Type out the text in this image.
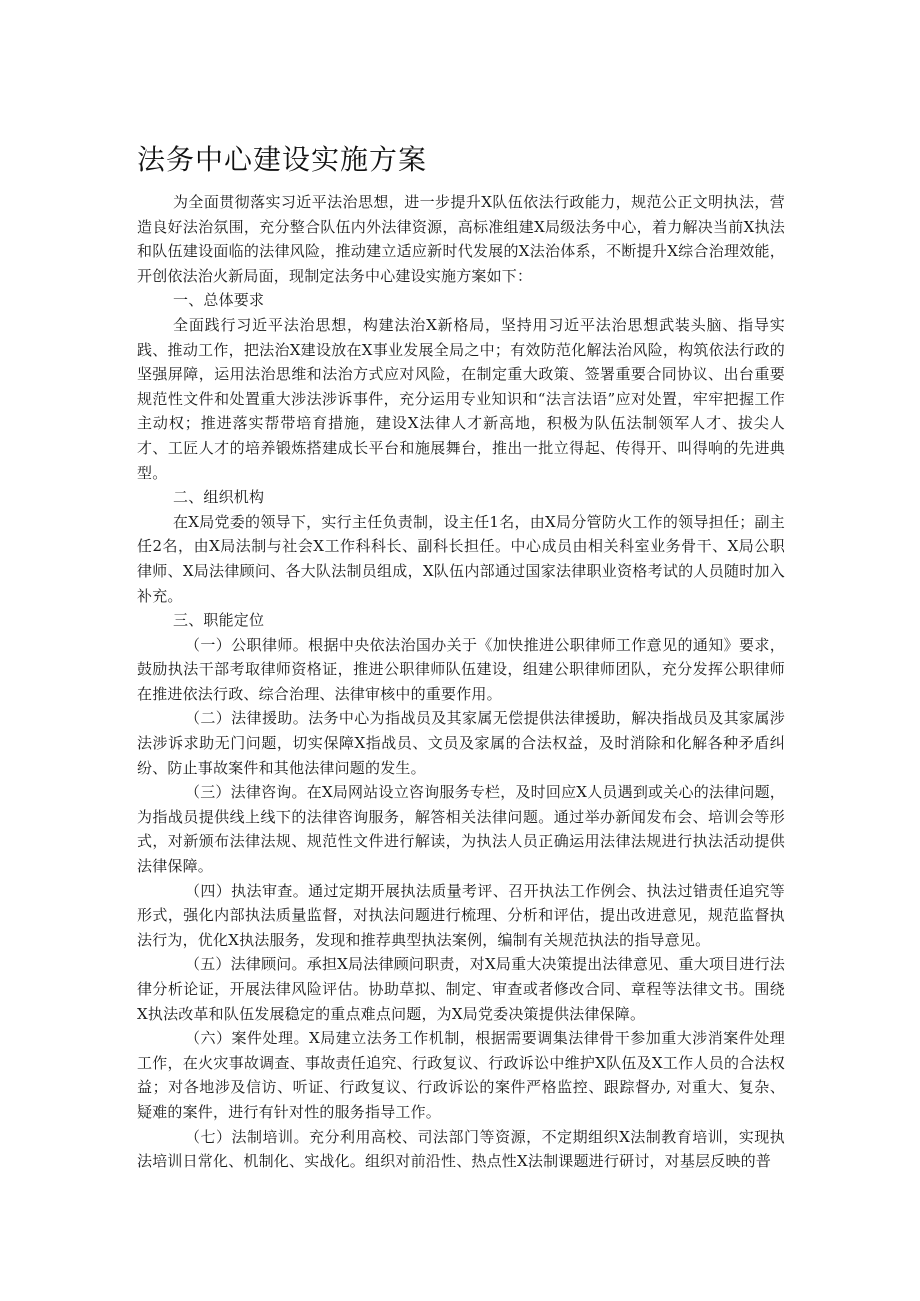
法务中心建设实施方案

为全面贯彻落实习近平法治思想，进一步提升X队伍依法行政能力，规范公正文明执法，营造良好法治氛围，充分整合队伍内外法律资源，高标准组建X局级法务中心，着力解决当前X执法和队伍建设面临的法律风险，推动建立适应新时代发展的X法治体系，不断提升X综合治理效能，开创依法治火新局面，现制定法务中心建设实施方案如下：

一、总体要求

全面践行习近平法治思想，构建法治X新格局，坚持用习近平法治思想武装头脑、指导实践、推动工作，把法治X建设放在X事业发展全局之中；有效防范化解法治风险，构筑依法行政的坚强屏障，运用法治思维和法治方式应对风险，在制定重大政策、签署重要合同协议、出台重要规范性文件和处置重大涉法涉诉事件，充分运用专业知识和“法言法语”应对处置，牢牢把握工作主动权；推进落实帮带培育措施，建设X法律人才新高地，积极为队伍法制领军人才、拔尖人才、工匠人才的培养锻炼搭建成长平台和施展舞台，推出一批立得起、传得开、叫得响的先进典型。

二、组织机构

在X局党委的领导下，实行主任负责制，设主任1名，由X局分管防火工作的领导担任；副主任2名，由X局法制与社会X工作科科长、副科长担任。中心成员由相关科室业务骨干、X局公职律师、X局法律顾问、各大队法制员组成，X队伍内部通过国家法律职业资格考试的人员随时加入补充。

三、职能定位

（一）公职律师。根据中央依法治国办关于《加快推进公职律师工作意见的通知》要求，鼓励执法干部考取律师资格证，推进公职律师队伍建设，组建公职律师团队，充分发挥公职律师在推进依法行政、综合治理、法律审核中的重要作用。

（二）法律援助。法务中心为指战员及其家属无偿提供法律援助，解决指战员及其家属涉法涉诉求助无门问题，切实保障X指战员、文员及家属的合法权益，及时消除和化解各种矛盾纠纷、防止事故案件和其他法律问题的发生。

（三）法律咨询。在X局网站设立咨询服务专栏，及时回应X人员遇到或关心的法律问题，为指战员提供线上线下的法律咨询服务，解答相关法律问题。通过举办新闻发布会、培训会等形式，对新颁布法律法规、规范性文件进行解读，为执法人员正确运用法律法规进行执法活动提供法律保障。

（四）执法审查。通过定期开展执法质量考评、召开执法工作例会、执法过错责任追究等形式，强化内部执法质量监督，对执法问题进行梳理、分析和评估，提出改进意见，规范监督执法行为，优化X执法服务，发现和推荐典型执法案例，编制有关规范执法的指导意见。

（五）法律顾问。承担X局法律顾问职责，对X局重大决策提出法律意见、重大项目进行法律分析论证，开展法律风险评估。协助草拟、制定、审查或者修改合同、章程等法律文书。围绕X执法改革和队伍发展稳定的重点难点问题，为X局党委决策提供法律保障。

（六）案件处理。X局建立法务工作机制，根据需要调集法律骨干参加重大涉消案件处理工作，在火灾事故调查、事故责任追究、行政复议、行政诉讼中维护X队伍及X工作人员的合法权益；对各地涉及信访、听证、行政复议、行政诉讼的案件严格监控、跟踪督办, 对重大、复杂、疑难的案件，进行有针对性的服务指导工作。

（七）法制培训。充分利用高校、司法部门等资源，不定期组织X法制教育培训，实现执法培训日常化、机制化、实战化。组织对前沿性、热点性X法制课题进行研讨，对基层反映的普
